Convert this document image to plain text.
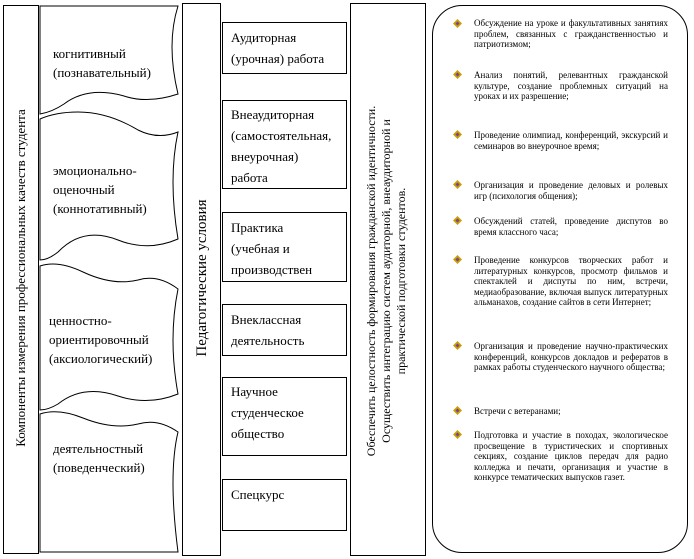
Компоненты измерения профессиональных качеств студента
когнитивный
(познавательный)
эмоционально-
оценочный
(коннотативный)
ценностно-
ориентировочный
(аксиологический)
деятельностный
(поведенческий)
Педагогические условия
Аудиторная
(урочная) работа
Внеаудиторная
(самостоятельная,
внеурочная)
работа
Практика
(учебная и
производствен
Внеклассная
деятельность
Научное
студенческое
общество
Спецкурс
Обеспечить целостность формирования гражданской идентичности.
Осуществить интеграцию систем аудиторной, внеаудиторной и
практической подготовки студентов.
Обсуждение на уроке и факультативных занятиях проблем, связанных с гражданственностью и патриотизмом;
Анализ понятий, релевантных гражданской культуре, создание проблемных ситуаций на уроках и их разрешение;
Проведение олимпиад, конференций, экскурсий и семинаров во внеурочное время;
Организация и проведение деловых и ролевых игр (психология общения);
Обсуждений статей, проведение диспутов во время классного часа;
Проведение конкурсов творческих работ и литературных конкурсов, просмотр фильмов и спектаклей и диспуты по ним, встречи, медиаобразование, включая выпуск литературных альманахов, создание сайтов в сети Интернет;
Организация и проведение научно-практических конференций, конкурсов докладов и рефератов в рамках работы студенческого научного общества;
Встречи с ветеранами;
Подготовка и участие в походах, экологическое просвещение в туристических и спортивных секциях, создание циклов передач для радио колледжа и печати, организация и участие в конкурсе тематических выпусков газет.
